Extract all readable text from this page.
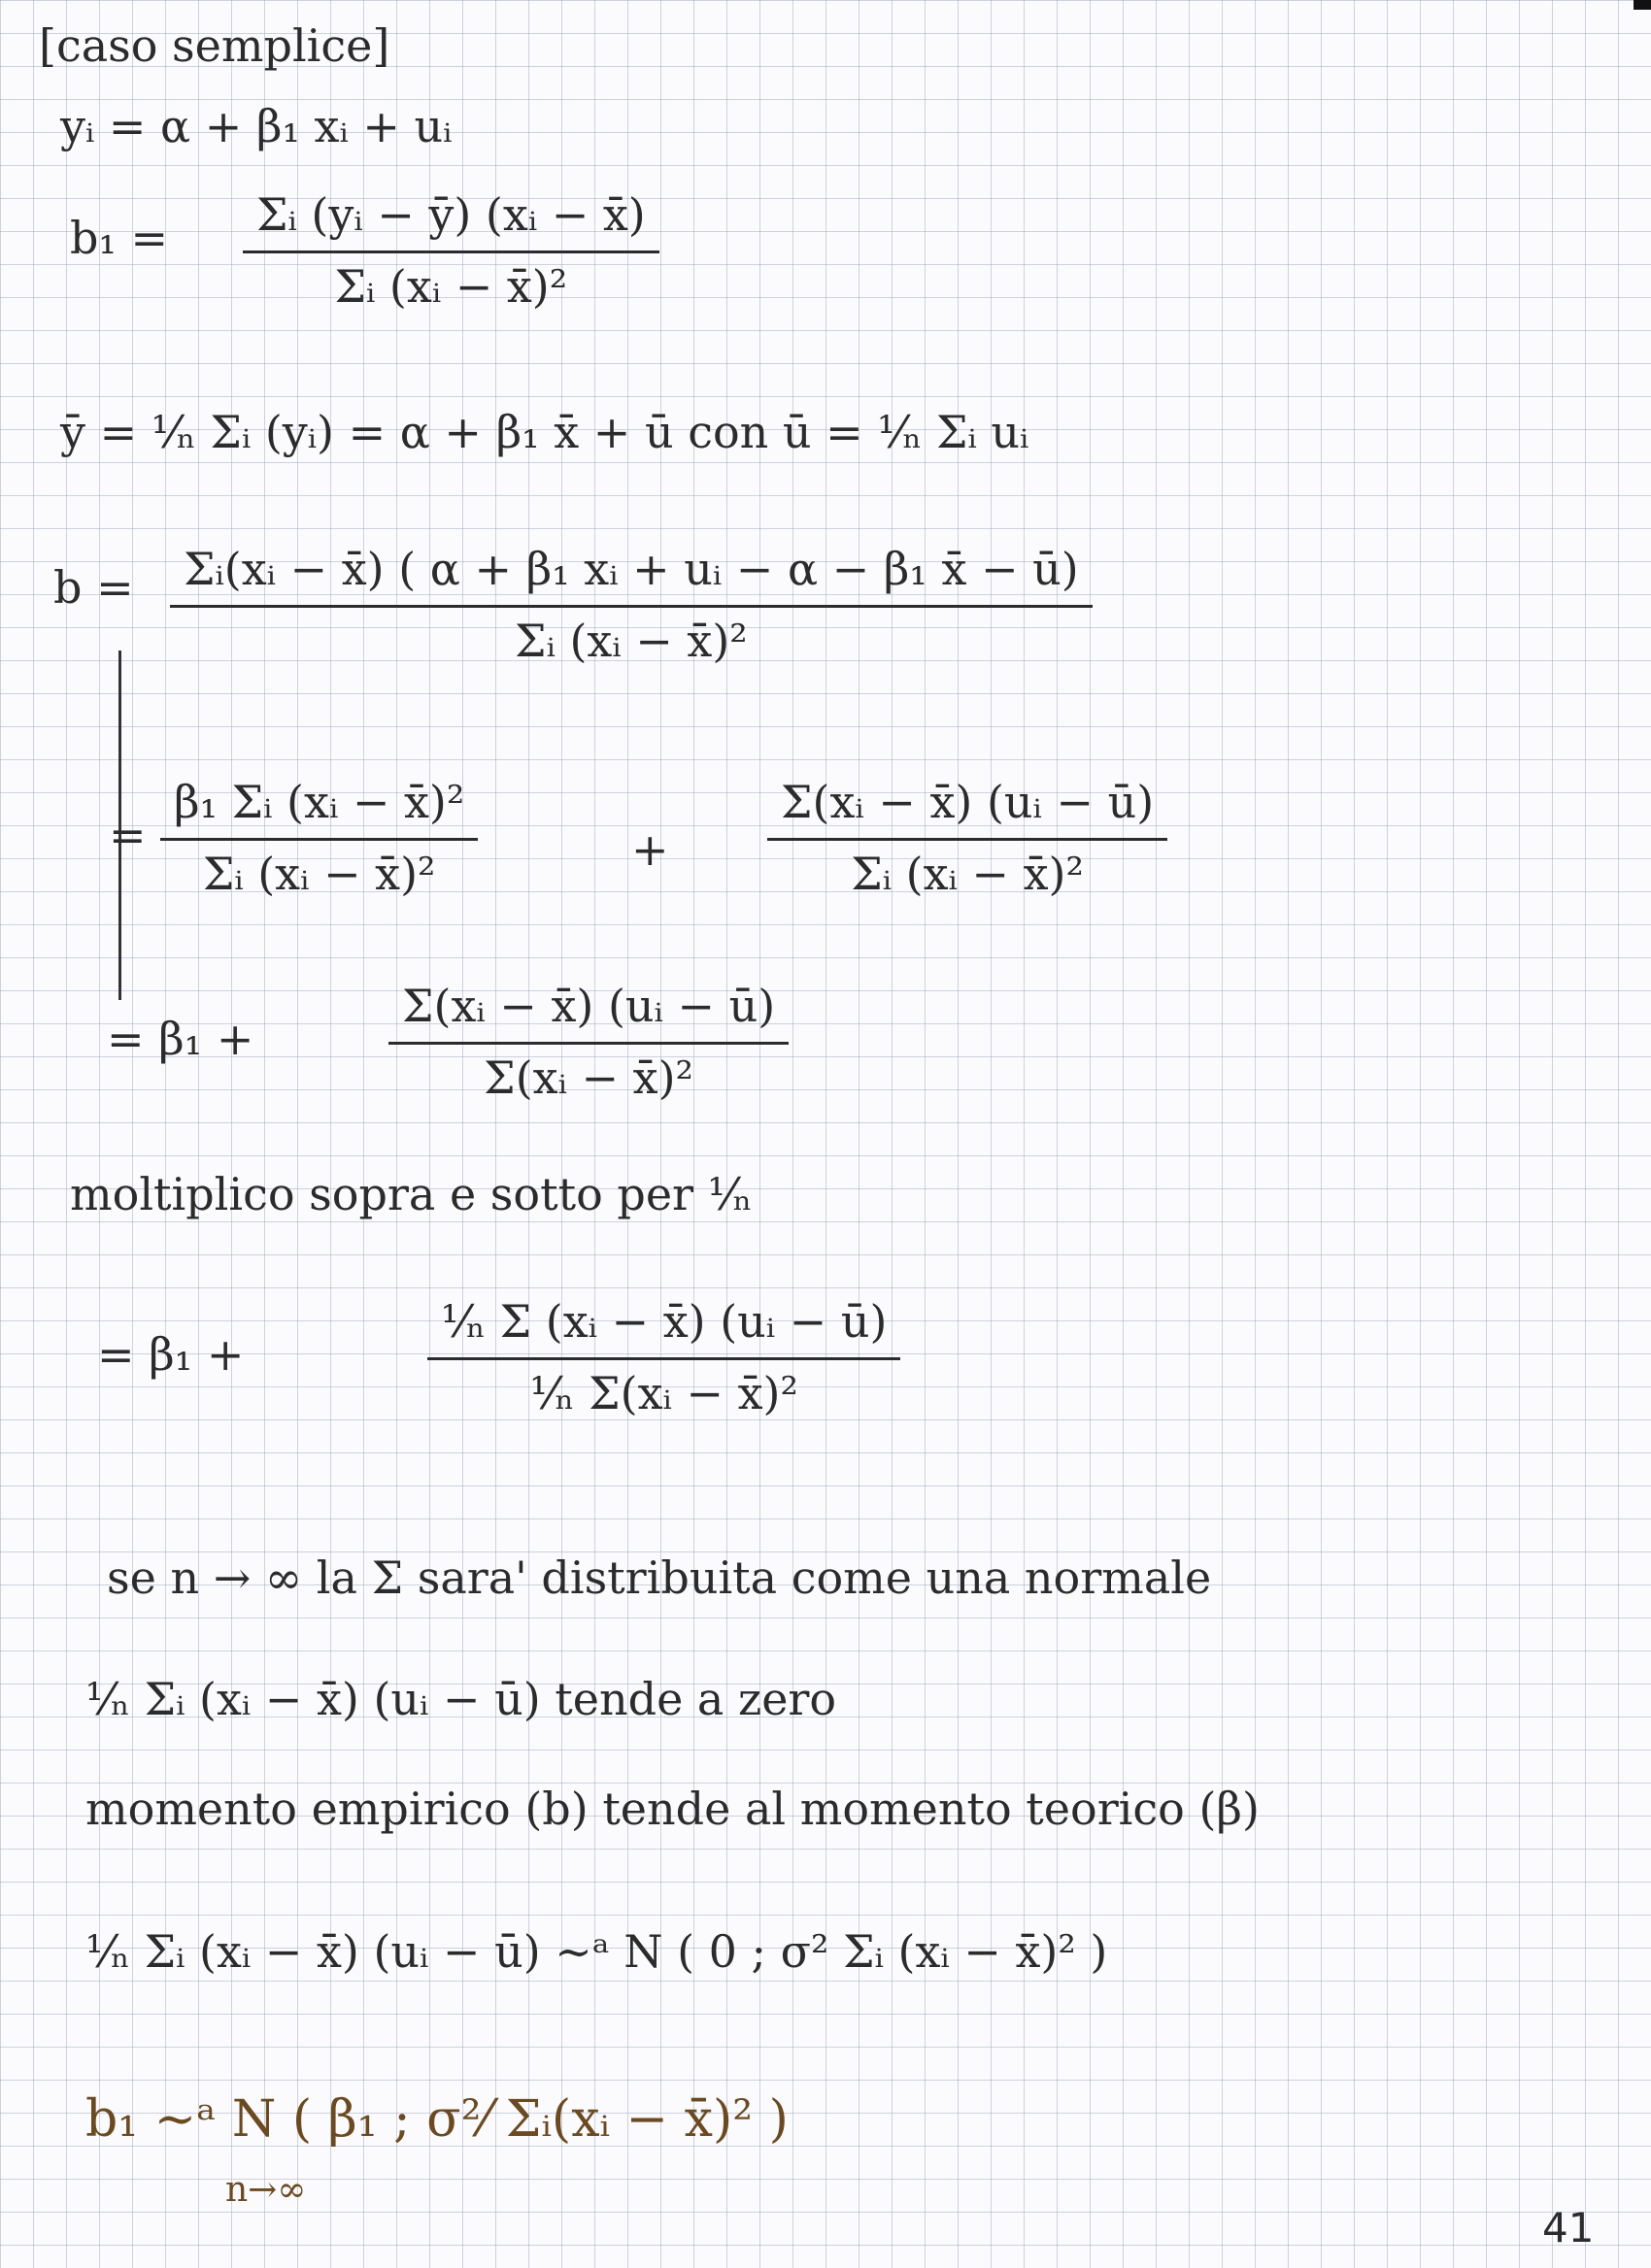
[caso semplice]
yᵢ = α + β₁ xᵢ + uᵢ
b₁ =	Σᵢ (yᵢ − ȳ) (xᵢ − x̄)
Σᵢ (xᵢ − x̄)²
ȳ = ¹⁄ₙ Σᵢ (yᵢ) = α + β₁ x̄ + ū con ū = ¹⁄ₙ Σᵢ uᵢ
b =	Σᵢ(xᵢ − x̄) ( α + β₁ xᵢ + uᵢ − α − β₁ x̄ − ū)
Σᵢ (xᵢ − x̄)²
=
β₁ Σᵢ (xᵢ − x̄)²
Σᵢ (xᵢ − x̄)²	+
Σ(xᵢ − x̄) (uᵢ − ū)
Σᵢ (xᵢ − x̄)²
= β₁ +
Σ(xᵢ − x̄) (uᵢ − ū)
Σ(xᵢ − x̄)²
moltiplico sopra e sotto per ¹⁄ₙ
= β₁ +
¹⁄ₙ Σ (xᵢ − x̄) (uᵢ − ū)
¹⁄ₙ Σ(xᵢ − x̄)²
se n → ∞ la Σ sara' distribuita come una normale
¹⁄ₙ Σᵢ (xᵢ − x̄) (uᵢ − ū) tende a zero
momento empirico (b) tende al momento teorico (β)
¹⁄ₙ Σᵢ (xᵢ − x̄) (uᵢ − ū) ∼ᵃ N ( 0 ; σ² Σᵢ (xᵢ − x̄)² )
b₁ ∼ᵃ N ( β₁ ; σ²⁄ Σᵢ(xᵢ − x̄)² )
n→∞
41
